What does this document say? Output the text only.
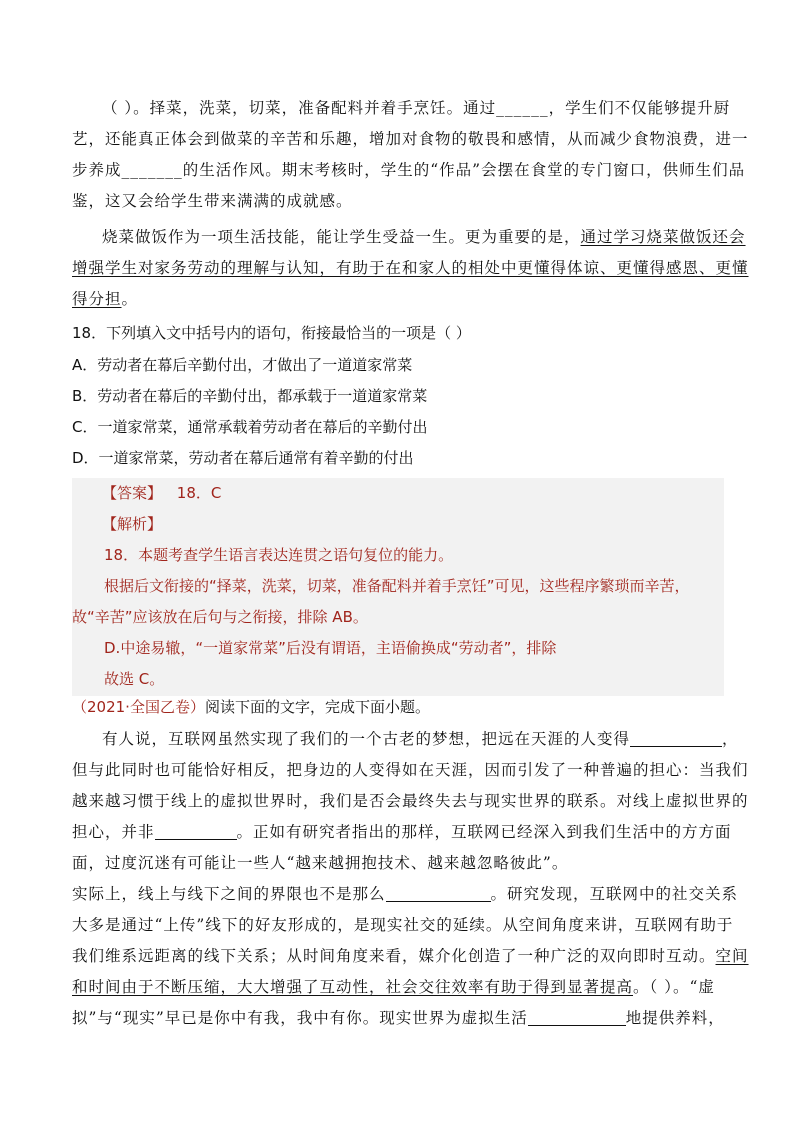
（ ）。择菜，洗菜，切菜，准备配料并着手烹饪。通过______，学生们不仅能够提升厨
艺，还能真正体会到做菜的辛苦和乐趣，增加对食物的敬畏和感情，从而减少食物浪费，进一
步养成_______的生活作风。期末考核时，学生的“作品”会摆在食堂的专门窗口，供师生们品
鉴，这又会给学生带来满满的成就感。
烧菜做饭作为一项生活技能，能让学生受益一生。更为重要的是，通过学习烧菜做饭还会
增强学生对家务劳动的理解与认知，有助于在和家人的相处中更懂得体谅、更懂得感恩、更懂
得分担。
18．下列填入文中括号内的语句，衔接最恰当的一项是（ ）
A．劳动者在幕后辛勤付出，才做出了一道道家常菜
B．劳动者在幕后的辛勤付出，都承载于一道道家常菜
C．一道家常菜，通常承载着劳动者在幕后的辛勤付出
D．一道家常菜，劳动者在幕后通常有着辛勤的付出
【答案】 18．C
【解析】
18．本题考查学生语言表达连贯之语句复位的能力。
根据后文衔接的“择菜，洗菜，切菜，准备配料并着手烹饪”可见，这些程序繁琐而辛苦，
故“辛苦”应该放在后句与之衔接，排除 AB。
D.中途易辙，“一道家常菜”后没有谓语，主语偷换成“劳动者”，排除
故选 C。
（2021·全国乙卷）阅读下面的文字，完成下面小题。
有人说，互联网虽然实现了我们的一个古老的梦想，把远在天涯的人变得	，
但与此同时也可能恰好相反，把身边的人变得如在天涯，因而引发了一种普遍的担心：当我们
越来越习惯于线上的虚拟世界时，我们是否会最终失去与现实世界的联系。对线上虚拟世界的
担心，并非	。正如有研究者指出的那样，互联网已经深入到我们生活中的方方面
面，过度沉迷有可能让一些人“越来越拥抱技术、越来越忽略彼此”。
实际上，线上与线下之间的界限也不是那么	。研究发现，互联网中的社交关系
大多是通过“上传”线下的好友形成的，是现实社交的延续。从空间角度来讲，互联网有助于
我们维系远距离的线下关系；从时间角度来看，媒介化创造了一种广泛的双向即时互动。空间
和时间由于不断压缩，大大增强了互动性，社会交往效率有助于得到显著提高。（ ）。“虚
拟”与“现实”早已是你中有我，我中有你。现实世界为虚拟生活	地提供养料，
